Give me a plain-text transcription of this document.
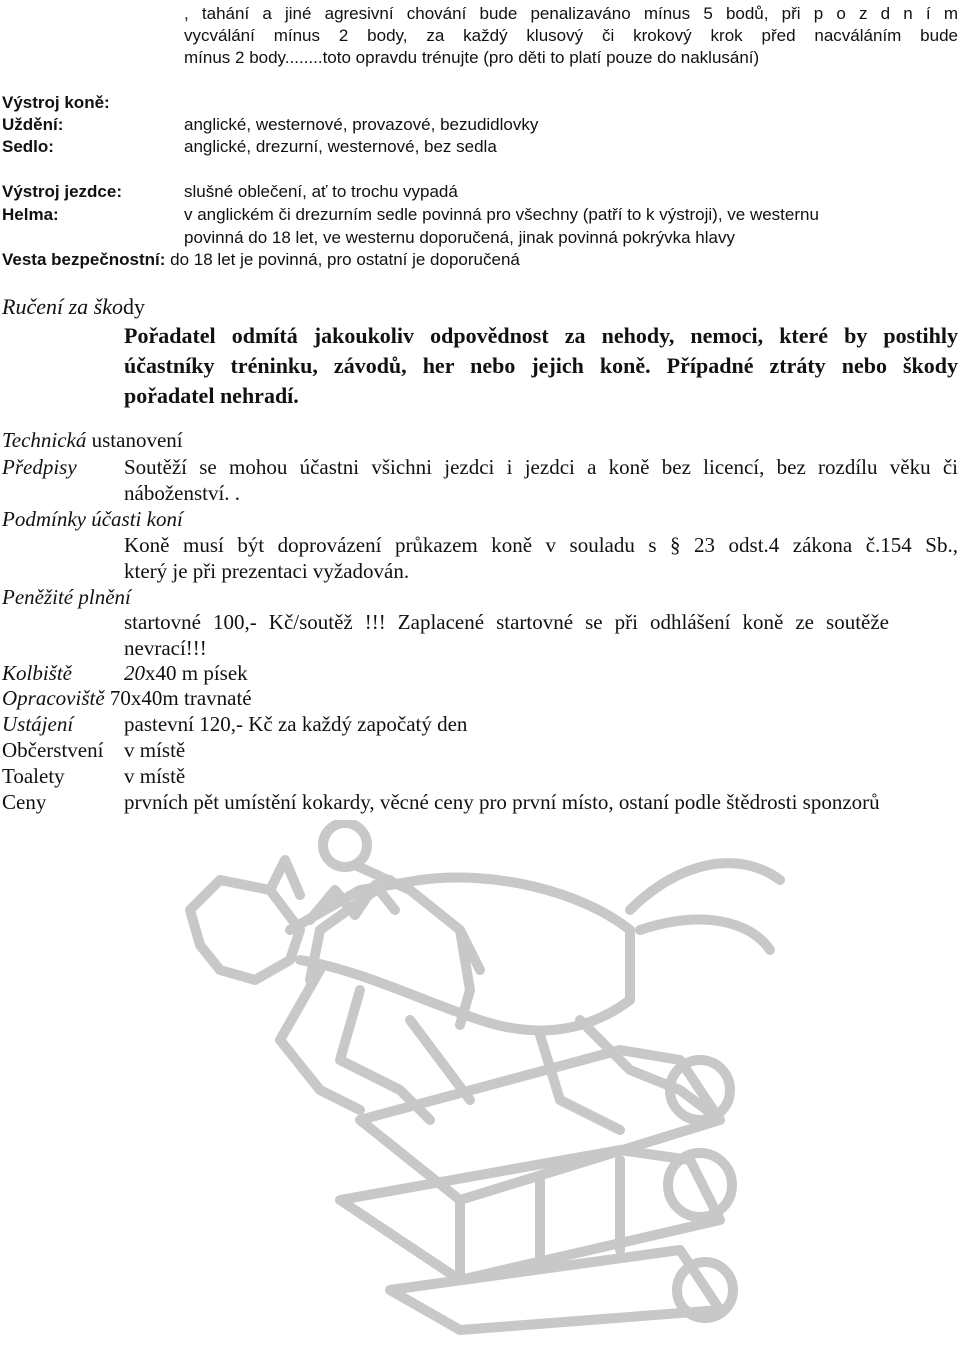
, tahání a jiné agresivní chování bude penalizaváno mínus 5 bodů, při p o z d n í m
vycválání mínus 2 body, za každý klusový či krokový krok před nacváláním bude
mínus 2 body........toto opravdu trénujte (pro děti to platí pouze do naklusání)
Výstroj koně:
Uždění:	anglické, westernové, provazové, bezudidlovky
Sedlo:	anglické, drezurní, westernové, bez sedla
Výstroj jezdce:	slušné oblečení, ať to trochu vypadá
Helma:	v anglickém či drezurním sedle povinná pro všechny (patří to k výstroji), ve westernu
povinná do 18 let, ve westernu doporučená, jinak povinná pokrývka hlavy
Vesta bezpečnostní: do 18 let je povinná, pro ostatní je doporučená
Ručení za škody
Pořadatel odmítá jakoukoliv odpovědnost za nehody, nemoci, které by postihly
účastníky tréninku, závodů, her nebo jejich koně. Případné ztráty nebo škody
pořadatel nehradí.
Technická ustanovení
Předpisy Soutěží se mohou účastni všichni jezdci i jezdci a koně bez licencí, bez rozdílu věku či
náboženství. .
Podmínky účasti koní
Koně musí být doprovázení průkazem koně v souladu s § 23 odst.4 zákona č.154 Sb.,
který je při prezentaci vyžadován.
Peněžité plnění
startovné 100,- Kč/soutěž !!! Zaplacené startovné se při odhlášení koně ze soutěže
nevrací!!!
Kolbiště 20x40 m písek
Opracoviště 70x40m travnaté
Ustájení pastevní 120,- Kč za každý započatý den
Občerstvení v místě
Toalety	v místě
Ceny	prvních pět umístění kokardy, věcné ceny pro první místo, ostaní podle štědrosti sponzorů
